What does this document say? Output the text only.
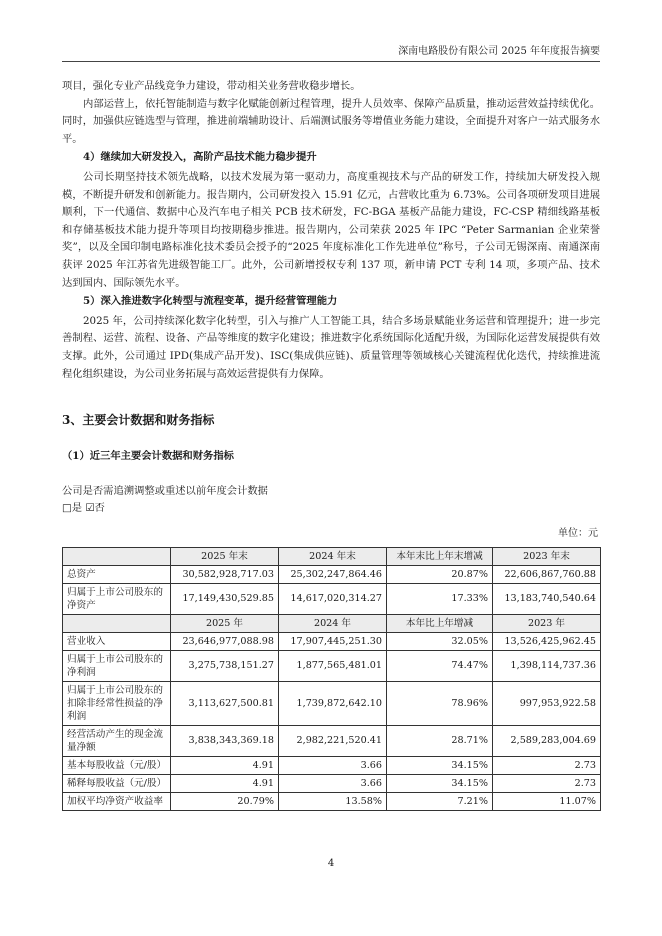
深南电路股份有限公司 2025 年年度报告摘要

项目，强化专业产品线竞争力建设，带动相关业务营收稳步增长。

内部运营上，依托智能制造与数字化赋能创新过程管理，提升人员效率、保障产品质量，推动运营效益持续优化。同时，加强供应链选型与管理，推进前端辅助设计、后端测试服务等增值业务能力建设，全面提升对客户一站式服务水平。

4）继续加大研发投入，高阶产品技术能力稳步提升

公司长期坚持技术领先战略，以技术发展为第一驱动力，高度重视技术与产品的研发工作，持续加大研发投入规模，不断提升研发和创新能力。报告期内，公司研发投入 15.91 亿元，占营收比重为 6.73%。公司各项研发项目进展顺利，下一代通信、数据中心及汽车电子相关 PCB 技术研发，FC-BGA 基板产品能力建设，FC-CSP 精细线路基板和存储基板技术能力提升等项目均按期稳步推进。报告期内，公司荣获 2025 年 IPC “Peter Sarmanian 企业荣誉奖”，以及全国印制电路标准化技术委员会授予的“2025 年度标准化工作先进单位”称号，子公司无锡深南、南通深南获评 2025 年江苏省先进级智能工厂。此外，公司新增授权专利 137 项，新申请 PCT 专利 14 项，多项产品、技术达到国内、国际领先水平。

5）深入推进数字化转型与流程变革，提升经营管理能力

2025 年，公司持续深化数字化转型，引入与推广人工智能工具，结合多场景赋能业务运营和管理提升；进一步完善制程、运营、流程、设备、产品等维度的数字化建设；推进数字化系统国际化适配升级，为国际化运营发展提供有效支撑。此外，公司通过 IPD(集成产品开发)、ISC(集成供应链)、质量管理等领域核心关键流程优化迭代，持续推进流程化组织建设，为公司业务拓展与高效运营提供有力保障。

3、主要会计数据和财务指标

（1）近三年主要会计数据和财务指标

公司是否需追溯调整或重述以前年度会计数据

□是 ☑否

单位：元
	2025 年末	2024 年末	本年末比上年末增减	2023 年末
总资产	30,582,928,717.03	25,302,247,864.46	20.87%	22,606,867,760.88
归属于上市公司股东的净资产	17,149,430,529.85	14,617,020,314.27	17.33%	13,183,740,540.64
	2025 年	2024 年	本年比上年增减	2023 年
营业收入	23,646,977,088.98	17,907,445,251.30	32.05%	13,526,425,962.45
归属于上市公司股东的净利润	3,275,738,151.27	1,877,565,481.01	74.47%	1,398,114,737.36
归属于上市公司股东的扣除非经常性损益的净利润	3,113,627,500.81	1,739,872,642.10	78.96%	997,953,922.58
经营活动产生的现金流量净额	3,838,343,369.18	2,982,221,520.41	28.71%	2,589,283,004.69
基本每股收益（元/股）	4.91	3.66	34.15%	2.73
稀释每股收益（元/股）	4.91	3.66	34.15%	2.73
加权平均净资产收益率	20.79%	13.58%	7.21%	11.07%
4
